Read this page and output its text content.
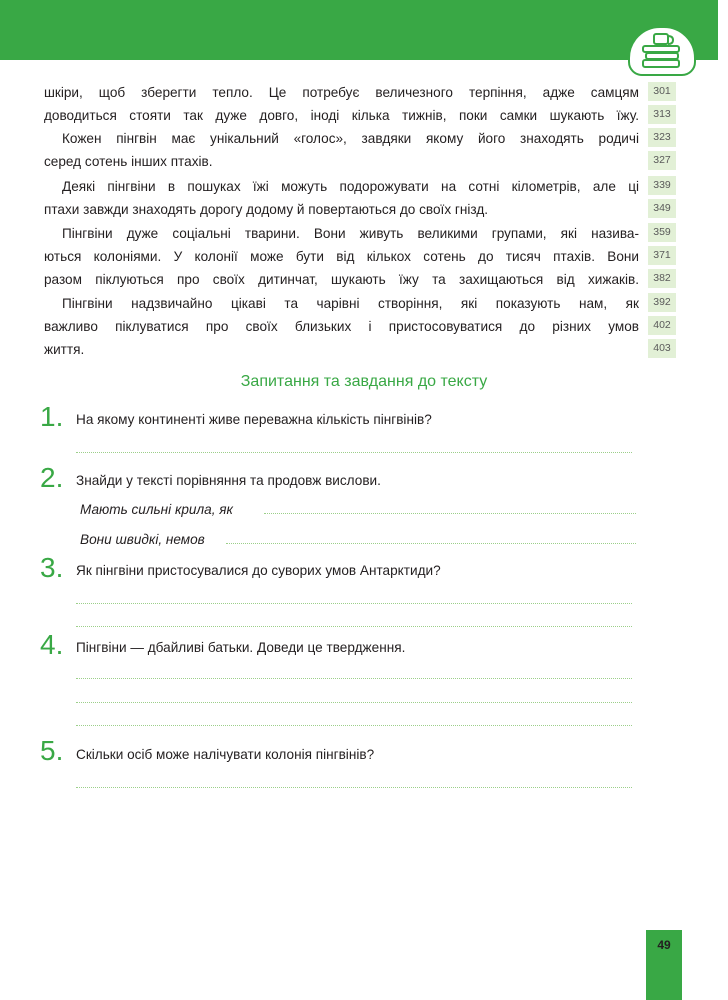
шкіри, щоб зберегти тепло. Це потребує величезного терпіння, адже самцям
доводиться стояти так дуже довго, іноді кілька тижнів, поки самки шукають їжу.
Кожен пінгвін має унікальний «голос», завдяки якому його знаходять родичі
серед сотень інших птахів.
Деякі пінгвіни в пошуках їжі можуть подорожувати на сотні кілометрів, але ці
птахи завжди знаходять дорогу додому й повертаються до своїх гнізд.
Пінгвіни дуже соціальні тварини. Вони живуть великими групами, які назива-
ються колоніями. У колонії може бути від кількох сотень до тисяч птахів. Вони
разом піклуються про своїх дитинчат, шукають їжу та захищаються від хижаків.
Пінгвіни надзвичайно цікаві та чарівні створіння, які показують нам, як
важливо піклуватися про своїх близьких і пристосовуватися до різних умов
життя.
301
313
323
327
339
349
359
371
382
392
402
403
Запитання та завдання до тексту
1. На якому континенті живе переважна кількість пінгвінів?
2. Знайди у тексті порівняння та продовж вислови.
Мають сильні крила, як
Вони швидкі, немов
3. Як пінгвіни пристосувалися до суворих умов Антарктиди?
4. Пінгвіни — дбайливі батьки. Доведи це твердження.
5. Скільки осіб може налічувати колонія пінгвінів?
49
